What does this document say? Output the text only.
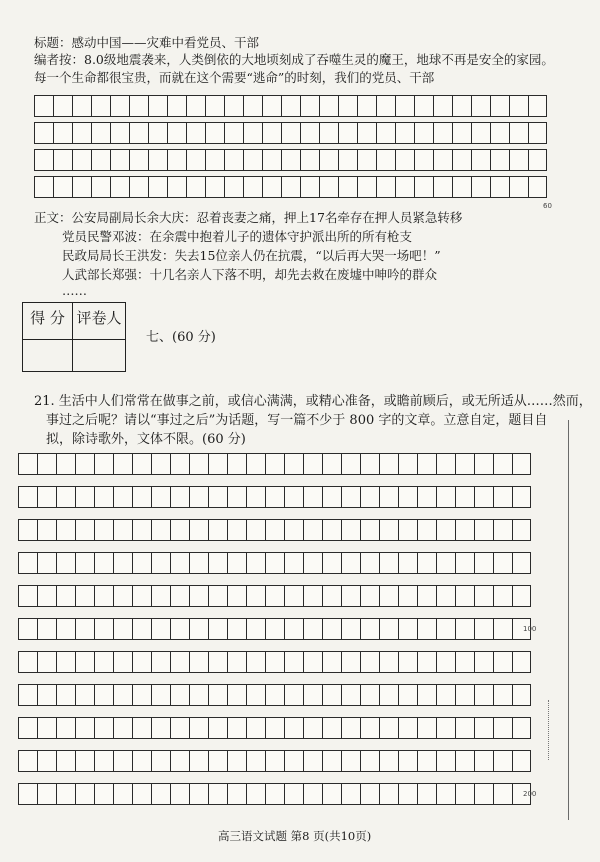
标题：感动中国——灾难中看党员、干部
编者按：8.0级地震袭来，人类倒依的大地顷刻成了吞噬生灵的魔王，地球不再是安全的家园。
每一个生命都很宝贵，而就在这个需要“逃命”的时刻，我们的党员、干部
60
正文：公安局副局长余大庆：忍着丧妻之痛，押上17名牵存在押人员紧急转移
党员民警邓波：在余震中抱着儿子的遗体守护派出所的所有枪支
民政局局长王洪发：失去15位亲人仍在抗震，“以后再大哭一场吧！”
人武部长郑强：十几名亲人下落不明，却先去救在废墟中呻吟的群众
……
得 分	评卷人

七、(60 分)
21. 生活中人们常常在做事之前，或信心满满，或精心准备，或瞻前顾后，或无所适从……然而，
事过之后呢？请以“事过之后”为话题，写一篇不少于 800 字的文章。立意自定，题目自
拟，除诗歌外，文体不限。(60 分)
100
200
高三语文试题 第8 页(共10页)
